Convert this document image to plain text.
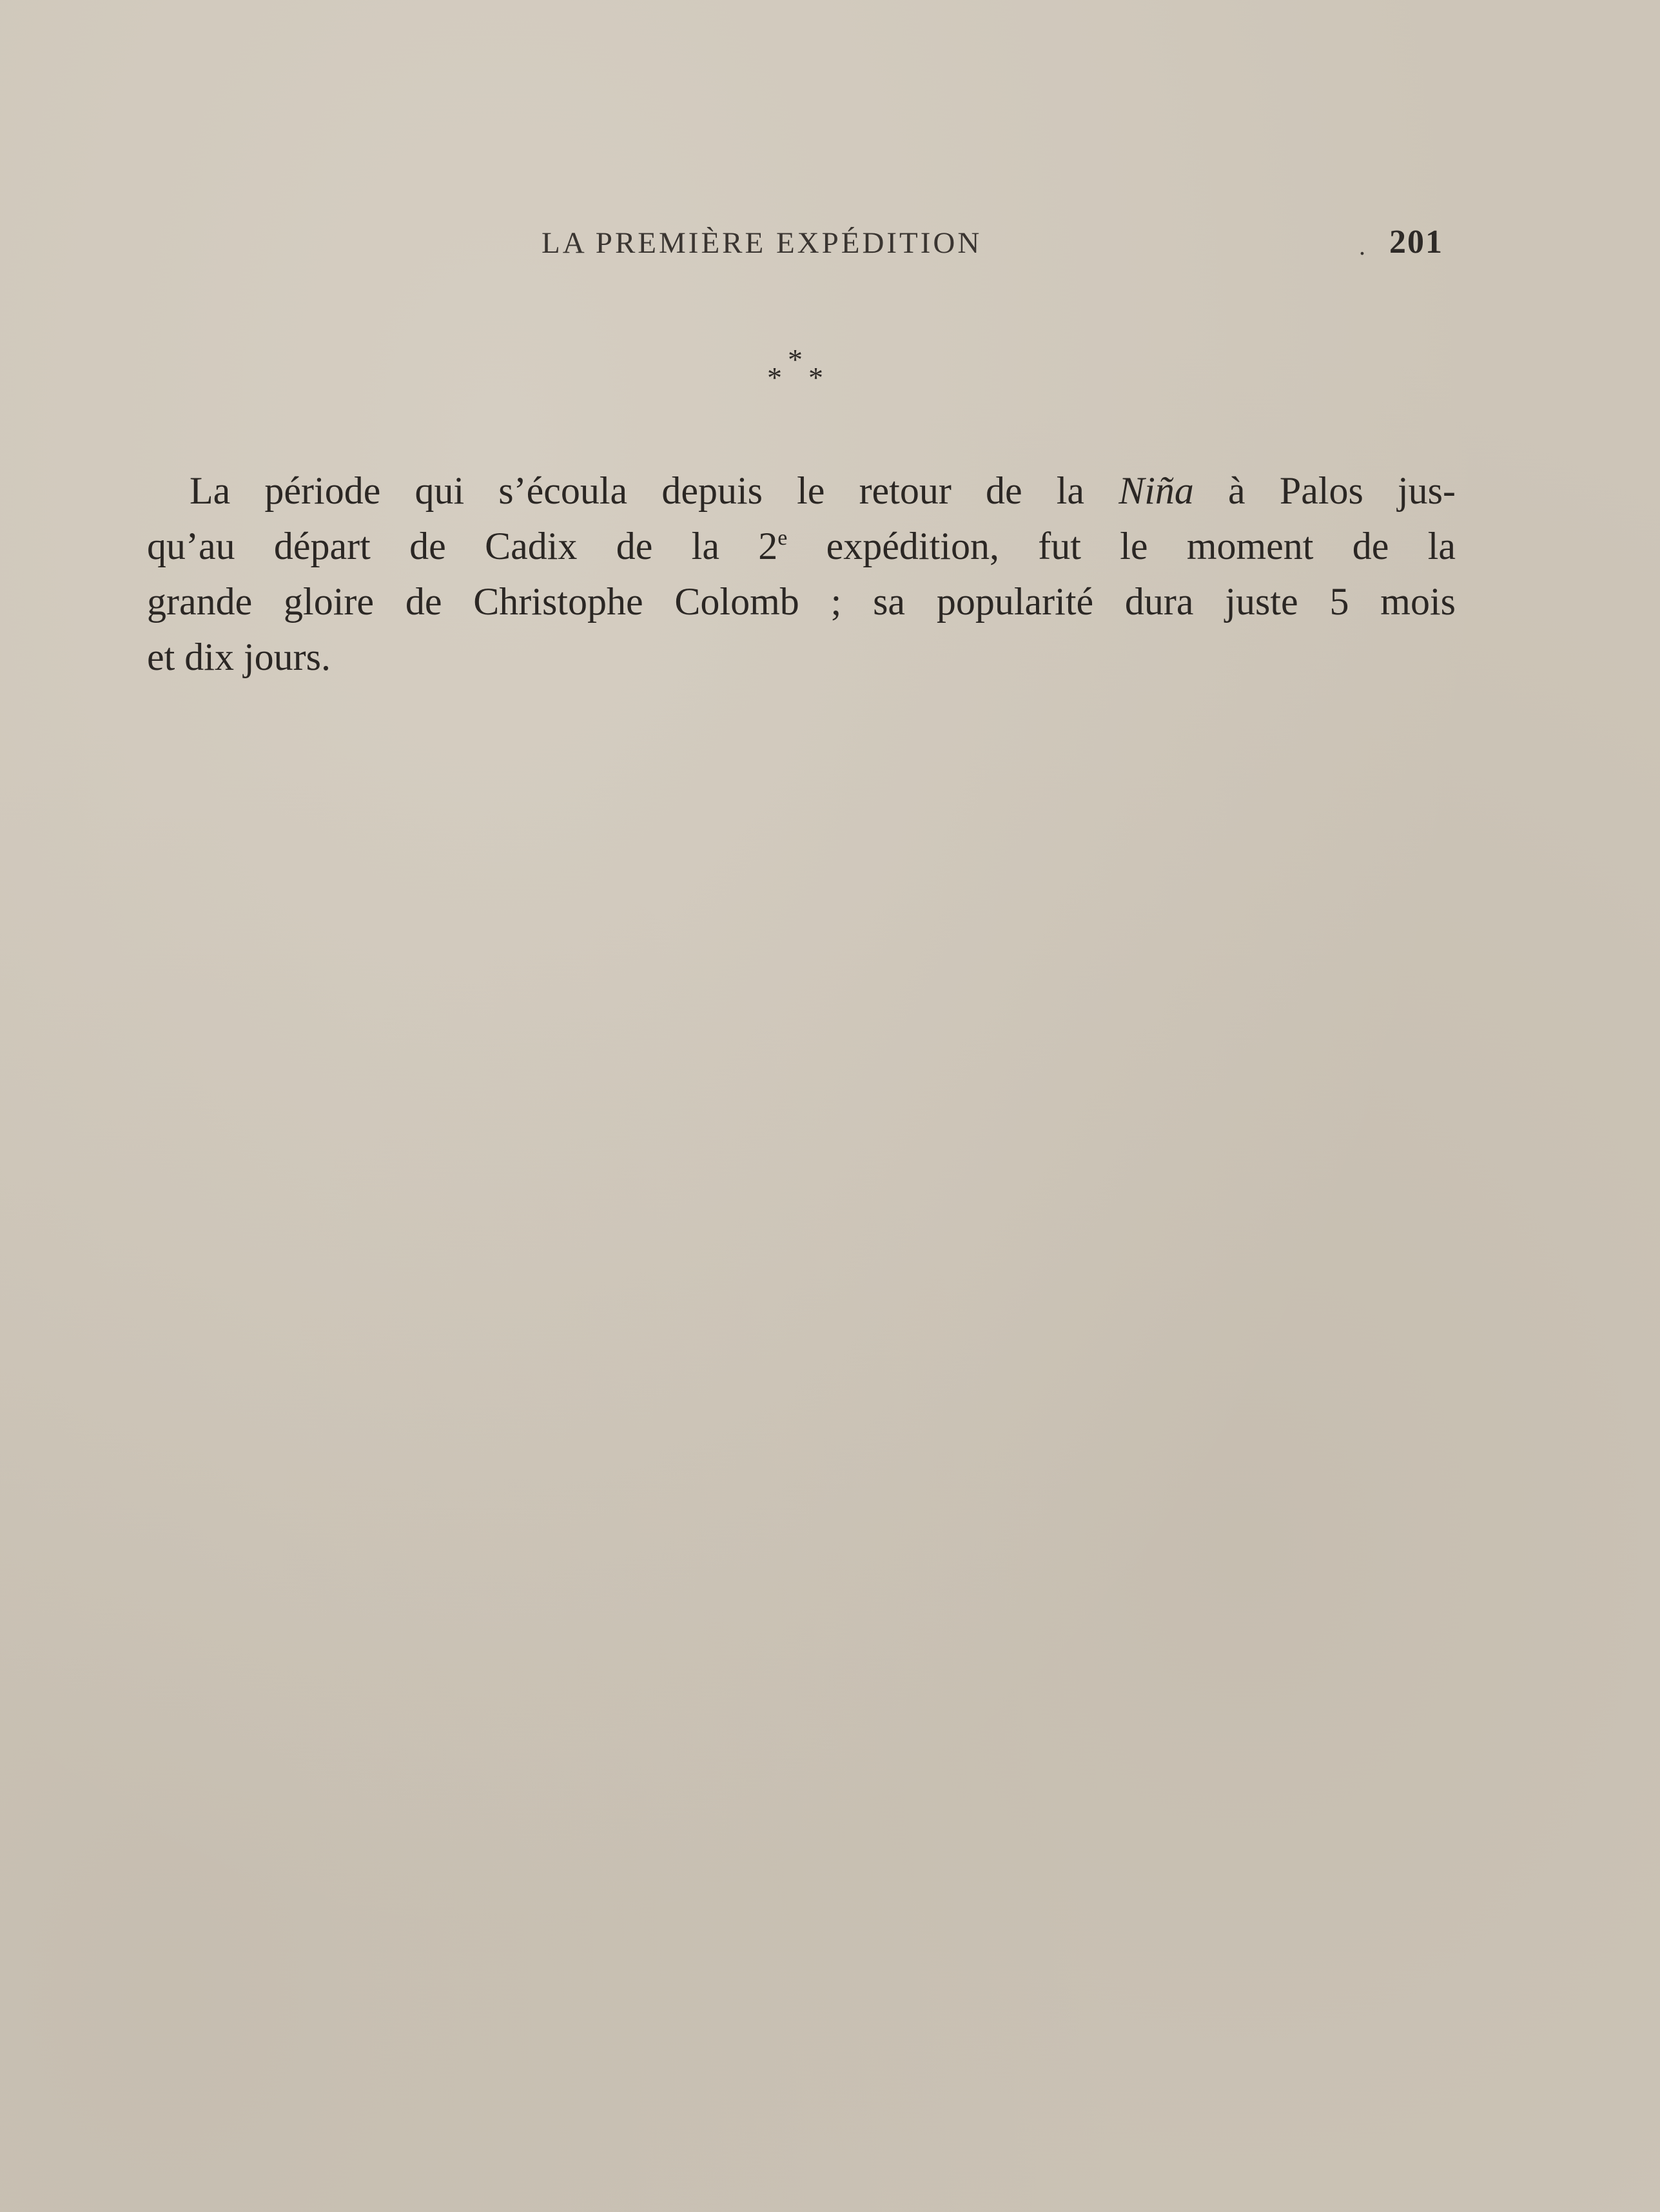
LA PREMIÈRE EXPÉDITION	. 201
*
* *
La période qui s’écoula depuis le retour de la Niña à Palos jus-
qu’au départ de Cadix de la 2e expédition, fut le moment de la
grande gloire de Christophe Colomb ; sa popularité dura juste 5 mois
et dix jours.
